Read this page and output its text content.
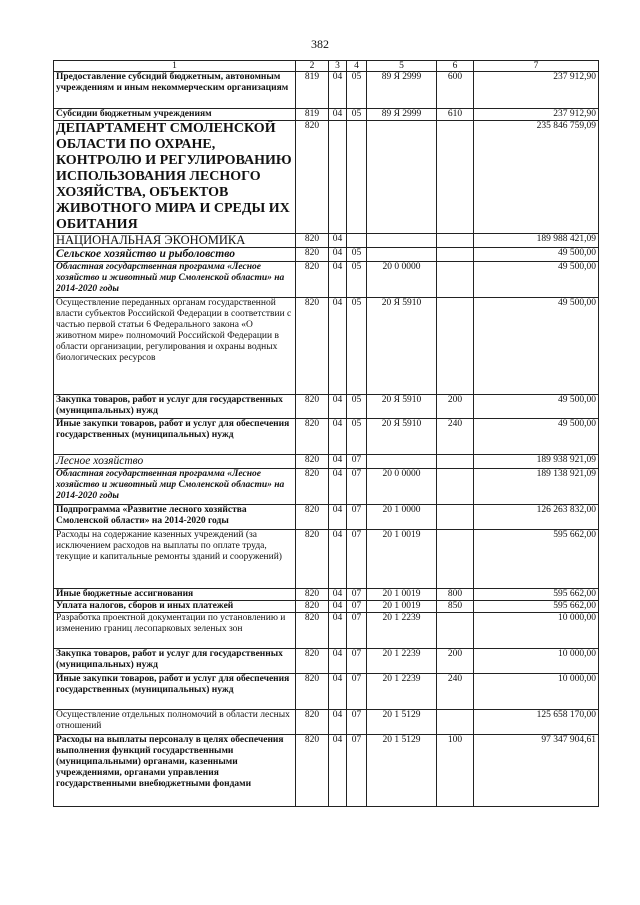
382
1	2	3	4	5	6	7
Предоставление субсидий бюджетным, автономным учреждениям и иным некоммерческим организациям	819	04	05	89 Я 2999	600	237 912,90
Субсидии бюджетным учреждениям	819	04	05	89 Я 2999	610	237 912,90
ДЕПАРТАМЕНТ СМОЛЕНСКОЙ ОБЛАСТИ ПО ОХРАНЕ, КОНТРОЛЮ И РЕГУЛИРОВАНИЮ ИСПОЛЬЗОВАНИЯ ЛЕСНОГО ХОЗЯЙСТВА, ОБЪЕКТОВ ЖИВОТНОГО МИРА И СРЕДЫ ИХ ОБИТАНИЯ	820					235 846 759,09
НАЦИОНАЛЬНАЯ ЭКОНОМИКА	820	04				189 988 421,09
Сельское хозяйство и рыболовство	820	04	05			49 500,00
Областная государственная программа «Лесное хозяйство и животный мир Смоленской области» на 2014-2020 годы	820	04	05	20 0 0000		49 500,00
Осуществление переданных органам государственной власти субъектов Российской Федерации в соответствии с частью первой статьи 6 Федерального закона «О животном мире» полномочий Российской Федерации в области организации, регулирования и охраны водных биологических ресурсов	820	04	05	20 Я 5910		49 500,00
Закупка товаров, работ и услуг для государственных (муниципальных) нужд	820	04	05	20 Я 5910	200	49 500,00
Иные закупки товаров, работ и услуг для обеспечения государственных (муниципальных) нужд	820	04	05	20 Я 5910	240	49 500,00
Лесное хозяйство	820	04	07			189 938 921,09
Областная государственная программа «Лесное хозяйство и животный мир Смоленской области» на 2014-2020 годы	820	04	07	20 0 0000		189 138 921,09
Подпрограмма «Развитие лесного хозяйства Смоленской области» на 2014-2020 годы	820	04	07	20 1 0000		126 263 832,00
Расходы на содержание казенных учреждений (за исключением расходов на выплаты по оплате труда, текущие и капитальные ремонты зданий и сооружений)	820	04	07	20 1 0019		595 662,00
Иные бюджетные ассигнования	820	04	07	20 1 0019	800	595 662,00
Уплата налогов, сборов и иных платежей	820	04	07	20 1 0019	850	595 662,00
Разработка проектной документации по установлению и изменению границ лесопарковых зеленых зон	820	04	07	20 1 2239		10 000,00
Закупка товаров, работ и услуг для государственных (муниципальных) нужд	820	04	07	20 1 2239	200	10 000,00
Иные закупки товаров, работ и услуг для обеспечения государственных (муниципальных) нужд	820	04	07	20 1 2239	240	10 000,00
Осуществление отдельных полномочий в области лесных отношений	820	04	07	20 1 5129		125 658 170,00
Расходы на выплаты персоналу в целях обеспечения выполнения функций государственными (муниципальными) органами, казенными учреждениями, органами управления государственными внебюджетными фондами	820	04	07	20 1 5129	100	97 347 904,61
